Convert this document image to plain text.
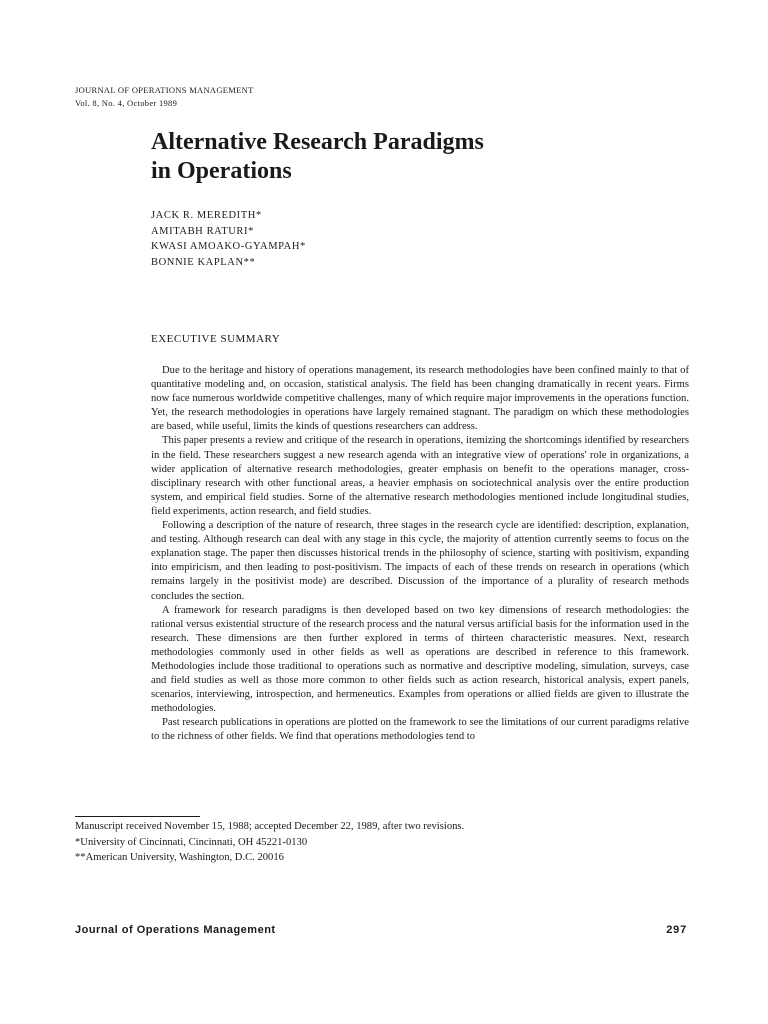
JOURNAL OF OPERATIONS MANAGEMENT
Vol. 8, No. 4, October 1989
Alternative Research Paradigms
in Operations
JACK R. MEREDITH*
AMITABH RATURI*
KWASI AMOAKO-GYAMPAH*
BONNIE KAPLAN**
EXECUTIVE SUMMARY

Due to the heritage and history of operations management, its research methodologies have been confined mainly to that of quantitative modeling and, on occasion, statistical analysis. The field has been changing dramatically in recent years. Firms now face numerous worldwide competitive challenges, many of which require major improvements in the operations function. Yet, the research methodologies in operations have largely remained stagnant. The paradigm on which these methodologies are based, while useful, limits the kinds of questions researchers can address.

This paper presents a review and critique of the research in operations, itemizing the shortcomings identified by researchers in the field. These researchers suggest a new research agenda with an integrative view of operations' role in organizations, a wider application of alternative research methodologies, greater emphasis on benefit to the operations manager, cross-disciplinary research with other functional areas, a heavier emphasis on sociotechnical analysis over the entire production system, and empirical field studies. Sorne of the alternative research methodologies mentioned include longitudinal studies, field experiments, action research, and field studies.

Following a description of the nature of research, three stages in the research cycle are identified: description, explanation, and testing. Although research can deal with any stage in this cycle, the majority of attention currently seems to focus on the explanation stage. The paper then discusses historical trends in the philosophy of science, starting with positivism, expanding into empiricism, and then leading to post-positivism. The impacts of each of these trends on research in operations (which remains largely in the positivist mode) are described. Discussion of the importance of a plurality of research methods concludes the section.

A framework for research paradigms is then developed based on two key dimensions of research methodologies: the rational versus existential structure of the research process and the natural versus artificial basis for the information used in the research. These dimensions are then further explored in terms of thirteen characteristic measures. Next, research methodologies commonly used in other fields as well as operations are described in reference to this framework. Methodologies include those traditional to operations such as normative and descriptive modeling, simulation, surveys, case and field studies as well as those more common to other fields such as action research, historical analysis, expert panels, scenarios, interviewing, introspection, and hermeneutics. Examples from operations or allied fields are given to illustrate the methodologies.

Past research publications in operations are plotted on the framework to see the limitations of our current paradigms relative to the richness of other fields. We find that operations methodologies tend to

Manuscript received November 15, 1988; accepted December 22, 1989, after two revisions.
*University of Cincinnati, Cincinnati, OH 45221-0130
**American University, Washington, D.C. 20016
Journal of Operations Management	297
